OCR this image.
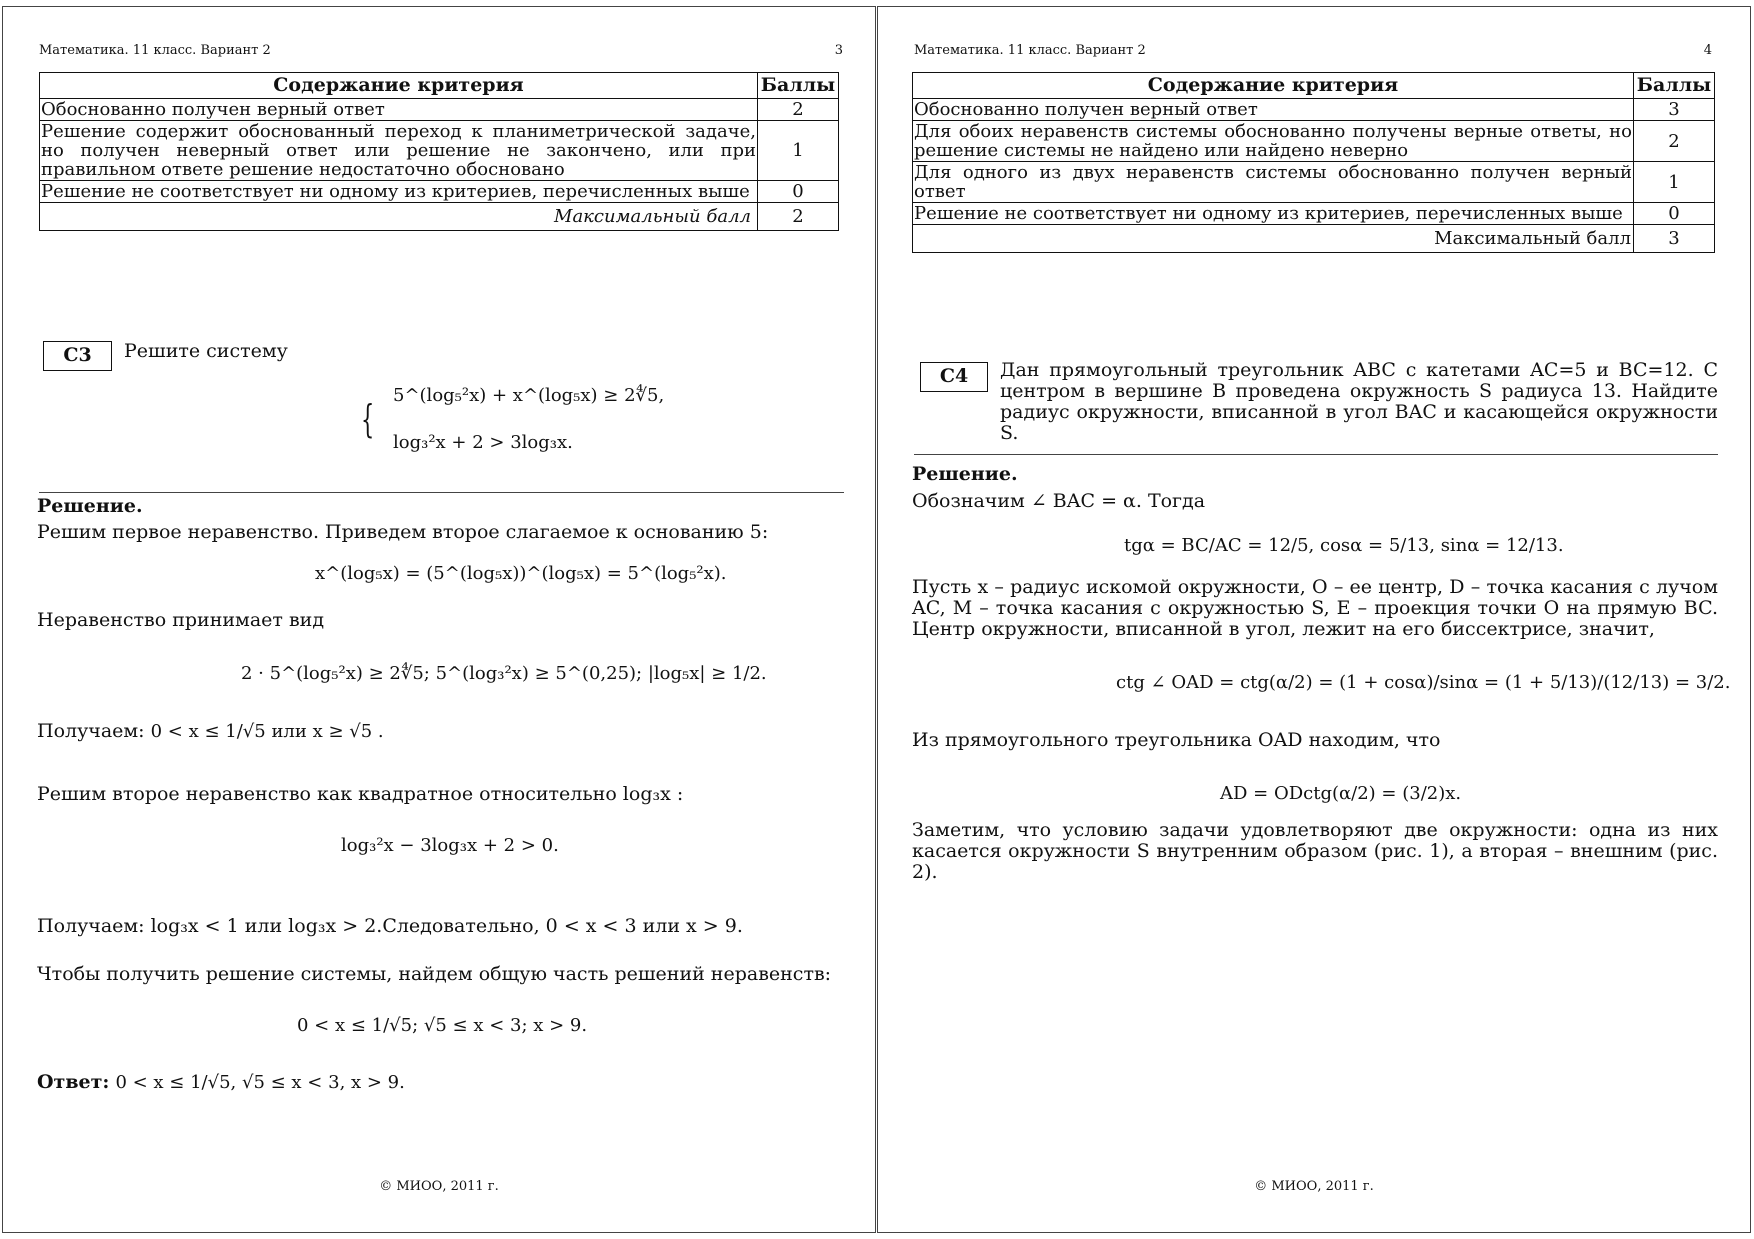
Математика. 11 класс. Вариант 2	3
Содержание критерия	Баллы
Обоснованно получен верный ответ	2
Решение содержит обоснованный переход к планиметрической задаче, но получен неверный ответ или решение не закончено, или при правильном ответе решение недостаточно обосновано	1
Решение не соответствует ни одному из критериев, перечисленных выше	0
Максимальный балл	2
С3	Решите систему
{
5^(log₅²x) + x^(log₅x) ≥ 2∜5,
log₃²x + 2 > 3log₃x.
Решение.
Решим первое неравенство. Приведем второе слагаемое к основанию 5:
x^(log₅x) = (5^(log₅x))^(log₅x) = 5^(log₅²x).
Неравенство принимает вид
2 · 5^(log₅²x) ≥ 2∜5; 5^(log₃²x) ≥ 5^(0,25); |log₅x| ≥ 1/2.
Получаем: 0 < x ≤ 1/√5 или x ≥ √5 .
Решим второе неравенство как квадратное относительно log₃x :
log₃²x − 3log₃x + 2 > 0.
Получаем: log₃x < 1 или log₃x > 2.Следовательно, 0 < x < 3 или x > 9.
Чтобы получить решение системы, найдем общую часть решений неравенств:
0 < x ≤ 1/√5; √5 ≤ x < 3; x > 9.
Ответ: 0 < x ≤ 1/√5, √5 ≤ x < 3, x > 9.
© МИОО, 2011 г.
Математика. 11 класс. Вариант 2	4
Содержание критерия	Баллы
Обоснованно получен верный ответ	3
Для обоих неравенств системы обоснованно получены верные ответы, но решение системы не найдено или найдено неверно	2
Для одного из двух неравенств системы обоснованно получен верный ответ	1
Решение не соответствует ни одному из критериев, перечисленных выше	0
Максимальный балл	3
С4	Дан прямоугольный треугольник ABC с катетами AC=5 и BC=12. С центром в вершине B проведена окружность S радиуса 13. Найдите радиус окружности, вписанной в угол BAC и касающейся окружности S.
Решение.
Обозначим ∠ BAC = α. Тогда
tgα = BC/AC = 12/5, cosα = 5/13, sinα = 12/13.
Пусть x – радиус искомой окружности, O – ее центр, D – точка касания с лучом AC, M – точка касания с окружностью S, E – проекция точки O на прямую BC. Центр окружности, вписанной в угол, лежит на его биссектрисе, значит,
ctg ∠ OAD = ctg(α/2) = (1 + cosα)/sinα = (1 + 5/13)/(12/13) = 3/2.
Из прямоугольного треугольника OAD находим, что
AD = ODctg(α/2) = (3/2)x.
Заметим, что условию задачи удовлетворяют две окружности: одна из них касается окружности S внутренним образом (рис. 1), а вторая – внешним (рис. 2).
© МИОО, 2011 г.
